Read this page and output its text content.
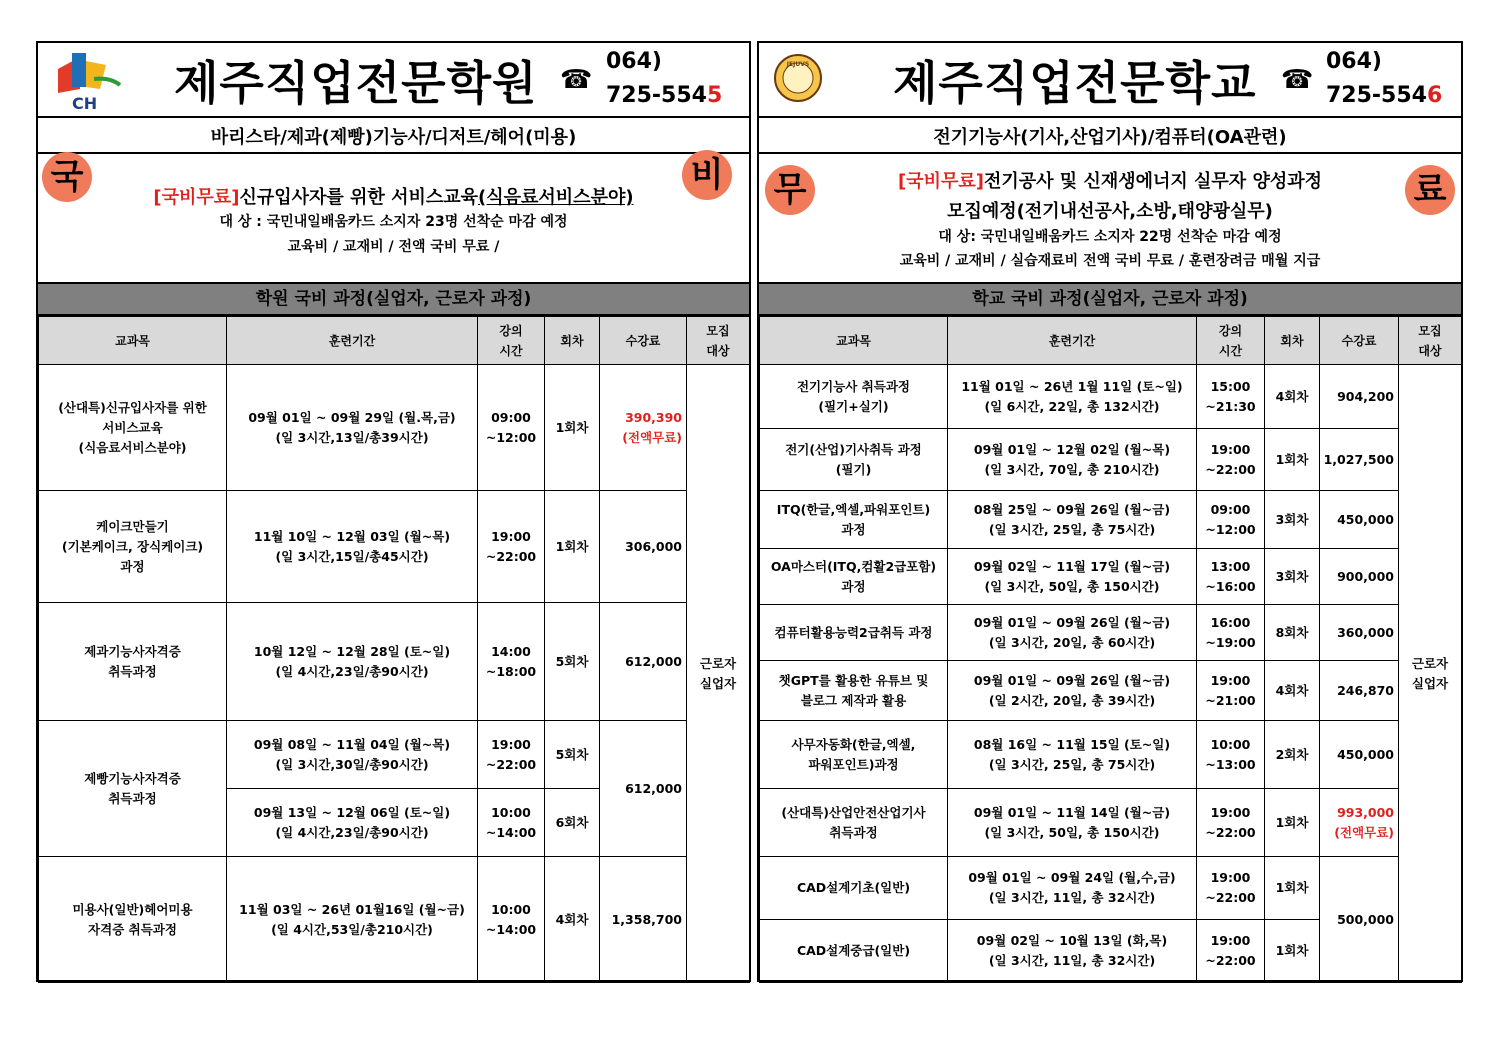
CH 제주직업전문학원 ☎
064)
725-5545
바리스타/제과(제빵)기능사/디저트/헤어(미용)
국	비
[국비무료]신규입사자를 위한 서비스교육(식음료서비스분야)
대 상 : 국민내일배움카드 소지자 23명 선착순 마감 예정
교육비 / 교재비 / 전액 국비 무료 /
학원 국비 과정(실업자, 근로자 과정)
교과목	훈련기간	강의
시간	회차	수강료	모집
대상
(산대특)신규입사자를 위한
서비스교육
(식음료서비스분야)	09월 01일 ~ 09월 29일 (월.목,금)
(일 3시간,13일/총39시간)	09:00
~12:00	1회차	390,390
(전액무료)	근로자
실업자
케이크만들기
(기본케이크, 장식케이크)
과정	11월 10일 ~ 12월 03일 (월~목)
(일 3시간,15일/총45시간)	19:00
~22:00	1회차	306,000	
제과기능사자격증
취득과정	10월 12일 ~ 12월 28일 (토~일)
(일 4시간,23일/총90시간)	14:00
~18:00	5회차	612,000	
제빵기능사자격증
취득과정	09월 08일 ~ 11월 04일 (월~목)
(일 3시간,30일/총90시간)	19:00
~22:00	5회차	612,000	
	09월 13일 ~ 12월 06일 (토~일)
(일 4시간,23일/총90시간)	10:00
~14:00	6회차		
미용사(일반)헤어미용
자격증 취득과정	11월 03일 ~ 26년 01월16일 (월~금)
(일 4시간,53일/총210시간)	10:00
~14:00	4회차	1,358,700	
JEJUVS 제주직업전문학교 ☎
064)
725-5546
전기기능사(기사,산업기사)/컴퓨터(OA관련)
무	료
[국비무료]전기공사 및 신재생에너지 실무자 양성과정
모집예정(전기내선공사,소방,태양광실무)
대 상: 국민내일배움카드 소지자 22명 선착순 마감 예정
교육비 / 교재비 / 실습재료비 전액 국비 무료 / 훈련장려금 매월 지급
학교 국비 과정(실업자, 근로자 과정)
교과목	훈련기간	강의
시간	회차	수강료	모집
대상
전기기능사 취득과정
(필기+실기)	11월 01일 ~ 26년 1월 11일 (토~일)
(일 6시간, 22일, 총 132시간)	15:00
~21:30	4회차	904,200	근로자
실업자
전기(산업)기사취득 과정
(필기)	09월 01일 ~ 12월 02일 (월~목)
(일 3시간, 70일, 총 210시간)	19:00
~22:00	1회차	1,027,500	
ITQ(한글,엑셀,파워포인트)
과정	08월 25일 ~ 09월 26일 (월~금)
(일 3시간, 25일, 총 75시간)	09:00
~12:00	3회차	450,000	
OA마스터(ITQ,컴활2급포함)
과정	09월 02일 ~ 11월 17일 (월~금)
(일 3시간, 50일, 총 150시간)	13:00
~16:00	3회차	900,000	
컴퓨터활용능력2급취득 과정	09월 01일 ~ 09월 26일 (월~금)
(일 3시간, 20일, 총 60시간)	16:00
~19:00	8회차	360,000	
챗GPT를 활용한 유튜브 및
블로그 제작과 활용	09월 01일 ~ 09월 26일 (월~금)
(일 2시간, 20일, 총 39시간)	19:00
~21:00	4회차	246,870	
사무자동화(한글,엑셀,
파워포인트)과정	08월 16일 ~ 11월 15일 (토~일)
(일 3시간, 25일, 총 75시간)	10:00
~13:00	2회차	450,000	
(산대특)산업안전산업기사
취득과정	09월 01일 ~ 11월 14일 (월~금)
(일 3시간, 50일, 총 150시간)	19:00
~22:00	1회차	993,000
(전액무료)	
CAD설계기초(일반)	09월 01일 ~ 09월 24일 (월,수,금)
(일 3시간, 11일, 총 32시간)	19:00
~22:00	1회차	500,000	
CAD설계중급(일반)	09월 02일 ~ 10월 13일 (화,목)
(일 3시간, 11일, 총 32시간)	19:00
~22:00	1회차		
